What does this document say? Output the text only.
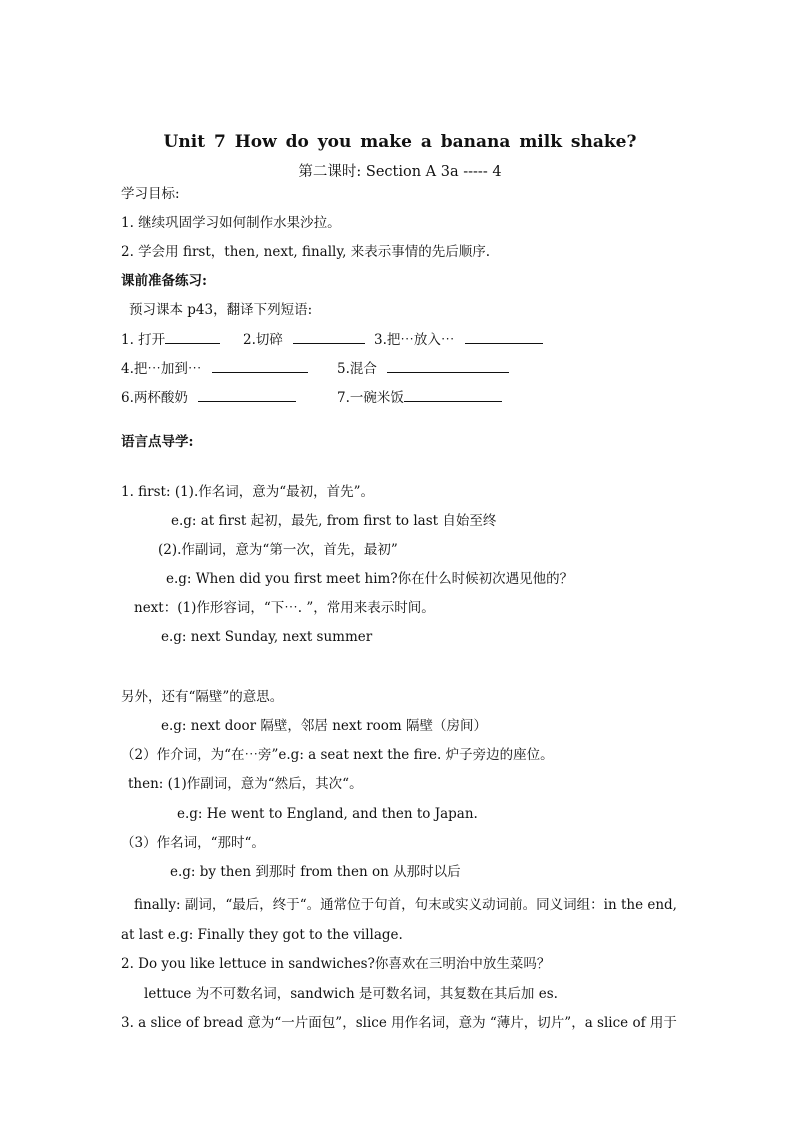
Unit 7 How do you make a banana milk shake?
第二课时: Section A 3a ----- 4
学习目标:
1. 继续巩固学习如何制作水果沙拉。
2. 学会用 first，then, next, finally, 来表示事情的先后顺序.
课前准备练习:
预习课本 p43，翻译下列短语:
1. 打开	2.切碎	3.把⋯放入⋯
4.把⋯加到⋯	5.混合
6.两杯酸奶	7.一碗米饭
语言点导学:
1. first: (1).作名词，意为“最初，首先”。
e.g: at first 起初，最先, from first to last 自始至终
(2).作副词，意为“第一次，首先，最初”
e.g: When did you first meet him?你在什么时候初次遇见他的？
next：(1)作形容词，“下⋯. ”，常用来表示时间。
e.g: next Sunday, next summer
另外，还有“隔壁”的意思。
e.g: next door 隔壁，邻居 next room 隔壁（房间）
（2）作介词，为“在⋯旁”e.g: a seat next the fire. 炉子旁边的座位。
then: (1)作副词，意为“然后，其次“。
e.g: He went to England, and then to Japan.
（3）作名词，“那时“。
e.g: by then 到那时 from then on 从那时以后
finally: 副词，“最后，终于“。通常位于句首，句末或实义动词前。同义词组：in the end,
at last e.g: Finally they got to the village.
2. Do you like lettuce in sandwiches?你喜欢在三明治中放生菜吗？
lettuce 为不可数名词，sandwich 是可数名词，其复数在其后加 es.
3. a slice of bread 意为“一片面包”，slice 用作名词，意为 “薄片，切片”，a slice of 用于
